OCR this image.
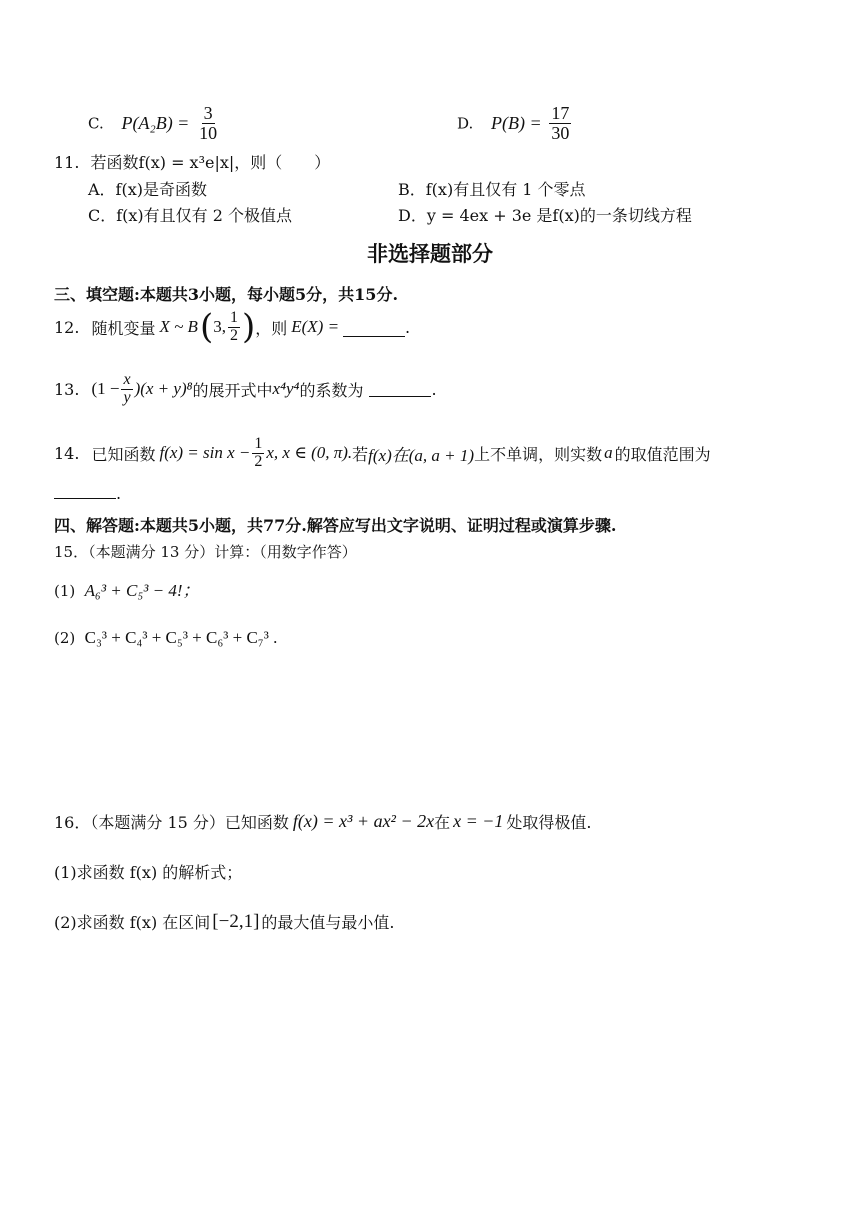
C. $P(A_2B) = \frac{3}{10}$	D. $P(B) = \frac{17}{30}$
11. 若函数f(x) = x³e|x|，则（　　）
A．f(x)是奇函数	B．f(x)有且仅有 1 个零点
C．f(x)有且仅有 2 个极值点	D．y = 4ex + 3e 是f(x)的一条切线方程
非选择题部分
三、填空题:本题共3小题，每小题5分，共15分.
12. 随机变量 X ~ B ( 3, $\frac{1}{2}$ ) ，则 E(X) =	.
13. $(1 - \frac{x}{y} )(x + y)^8$ 的展开式中 x⁴y⁴ 的系数为	.
14. 已知函数 $f(x) = \sin x - \frac{1}{2} x$, x ∈ (0, π). 若 f(x)在(a, a + 1) 上不单调，则实数 a 的取值范围为
.
四、解答题:本题共5小题，共77分.解答应写出文字说明、证明过程或演算步骤.
15．（本题满分 13 分）计算：（用数字作答）
(1) A₆³ + C₅³ − 4!；
(2) C₃³ + C₄³ + C₅³ + C₆³ + C₇³ .
16．（本题满分 15 分）已知函数 f(x) = x³ + ax² − 2x 在 x = −1 处取得极值.
(1)求函数 f(x) 的解析式；
(2)求函数 f(x) 在区间 [−2,1] 的最大值与最小值.
